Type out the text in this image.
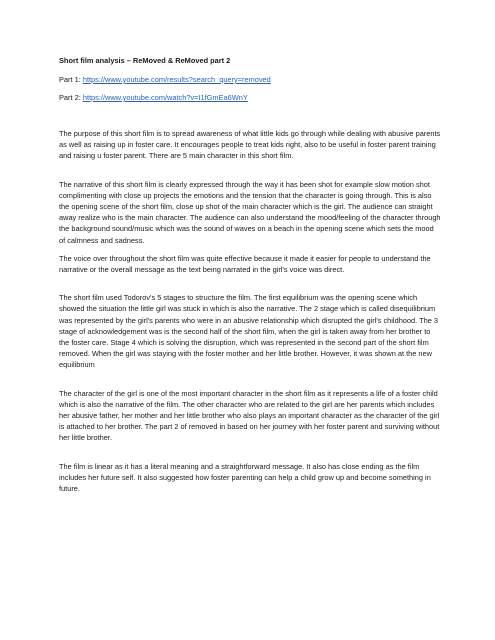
Short film analysis – ReMoved & ReMoved part 2

Part 1: https://www.youtube.com/results?search_query=removed

Part 2: https://www.youtube.com/watch?v=I1fGmEa6WnY

The purpose of this short film is to spread awareness of what little kids go through while dealing with abusive parents as well as raising up in foster care. It encourages people to treat kids right, also to be useful in foster parent training and raising u foster parent. There are 5 main character in this short film.

The narrative of this short film is clearly expressed through the way it has been shot for example slow motion shot complimenting with close up projects the emotions and the tension that the character is going through. This is also the opening scene of the short film, close up shot of the main character which is the girl. The audience can straight away realize who is the main character. The audience can also understand the mood/feeling of the character through the background sound/music which was the sound of waves on a beach in the opening scene which sets the mood of calmness and sadness.

The voice over throughout the short film was quite effective because it made it easier for people to understand the narrative or the overall message as the text being narrated in the girl's voice was direct.

The short film used Todorov's 5 stages to structure the film. The first equilibrium was the opening scene which showed the situation the little girl was stuck in which is also the narrative. The 2 stage which is called disequilibrium was represented by the girl's parents who were in an abusive relationship which disrupted the girl's childhood. The 3 stage of acknowledgement was is the second half of the short film, when the girl is taken away from her brother to the foster care. Stage 4 which is solving the disruption, which was represented in the second part of the short film removed. When the girl was staying with the foster mother and her little brother. However, it was shown at the new equilibrium

The character of the girl is one of the most important character in the short film as it represents a life of a foster child which is also the narrative of the film. The other character who are related to the girl are her parents which includes her abusive father, her mother and her little brother who also plays an important character as the character of the girl is attached to her brother. The part 2 of removed in based on her journey with her foster parent and surviving without her little brother.

The film is linear as it has a literal meaning and a straightforward message. It also has close ending as the film includes her future self. It also suggested how foster parenting can help a child grow up and become something in future.
